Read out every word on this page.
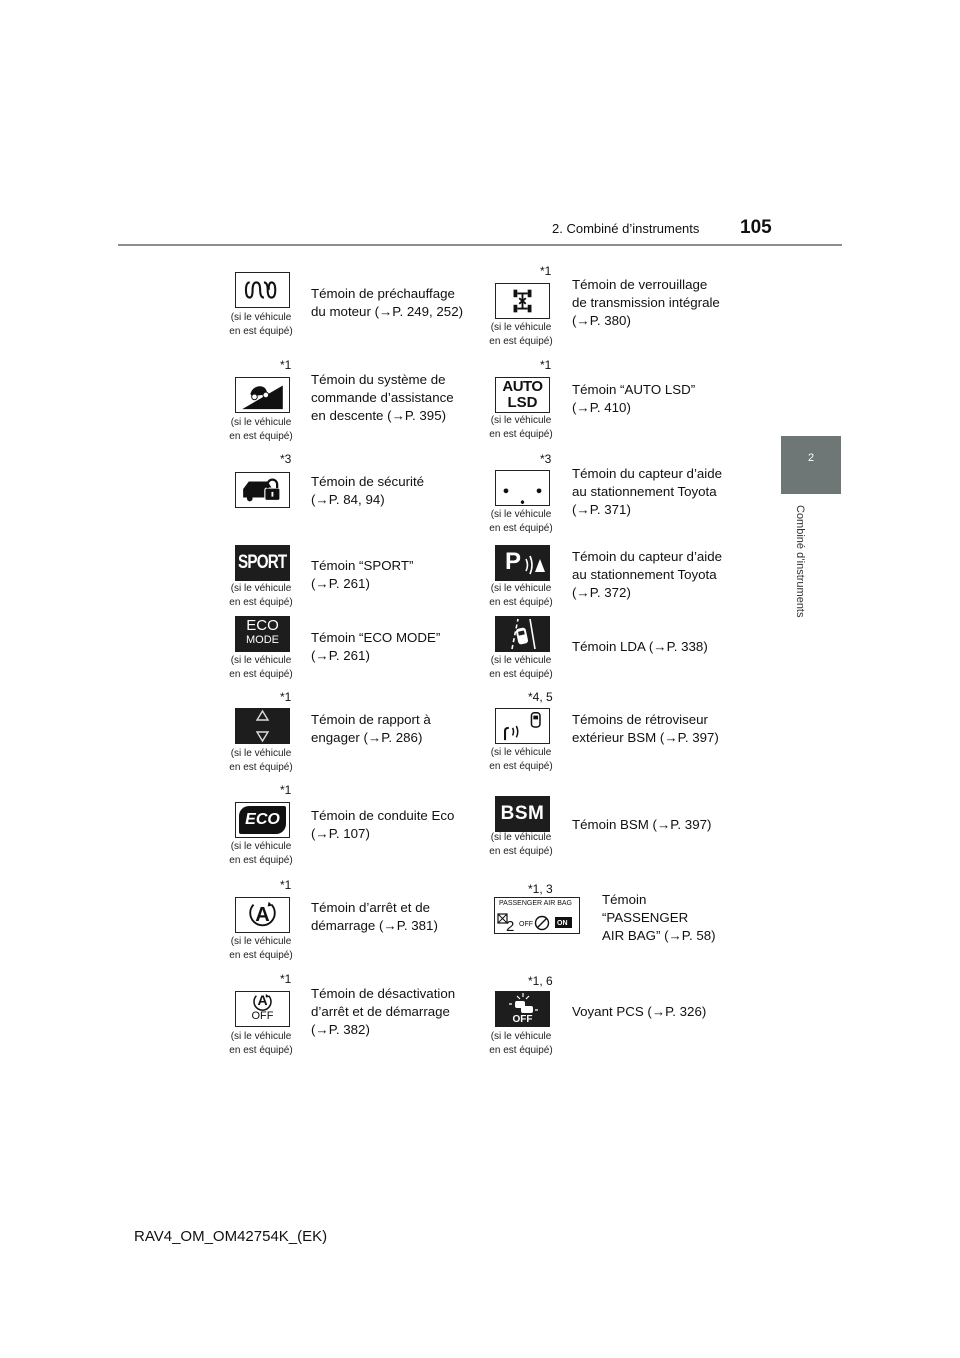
2. Combiné d’instruments 105
2
Combiné d’instruments
(si le véhicule
en est équipé)
Témoin de préchauffage
du moteur (→P. 249, 252)
*1
(si le véhicule
en est équipé)
Témoin du système de
commande d’assistance
en descente (→P. 395)
*3
Témoin de sécurité
(→P. 84, 94)
SPORT
(si le véhicule
en est équipé)
Témoin “SPORT”
(→P. 261)
ECO
MODE
(si le véhicule
en est équipé)
Témoin “ECO MODE”
(→P. 261)
*1
(si le véhicule
en est équipé)
Témoin de rapport à
engager (→P. 286)
*1
ECO
(si le véhicule
en est équipé)
Témoin de conduite Eco
(→P. 107)
*1
A
(si le véhicule
en est équipé)
Témoin d’arrêt et de
démarrage (→P. 381)
*1
A
OFF
(si le véhicule
en est équipé)
Témoin de désactivation
d’arrêt et de démarrage
(→P. 382)
*1
(si le véhicule
en est équipé)
Témoin de verrouillage
de transmission intégrale
(→P. 380)
*1
AUTO
LSD
(si le véhicule
en est équipé)
Témoin “AUTO LSD”
(→P. 410)
*3
(si le véhicule
en est équipé)
Témoin du capteur d’aide
au stationnement Toyota
(→P. 371)
P
(si le véhicule
en est équipé)
Témoin du capteur d’aide
au stationnement Toyota
(→P. 372)
(si le véhicule
en est équipé)
Témoin LDA (→P. 338)
*4, 5
(si le véhicule
en est équipé)
Témoins de rétroviseur
extérieur BSM (→P. 397)
BSM
(si le véhicule
en est équipé)
Témoin BSM (→P. 397)
*1, 3
PASSENGER AIR BAG
2 OFF	ON
Témoin
“PASSENGER
AIR BAG” (→P. 58)
*1, 6
OFF
(si le véhicule
en est équipé)
Voyant PCS (→P. 326)
RAV4_OM_OM42754K_(EK)
